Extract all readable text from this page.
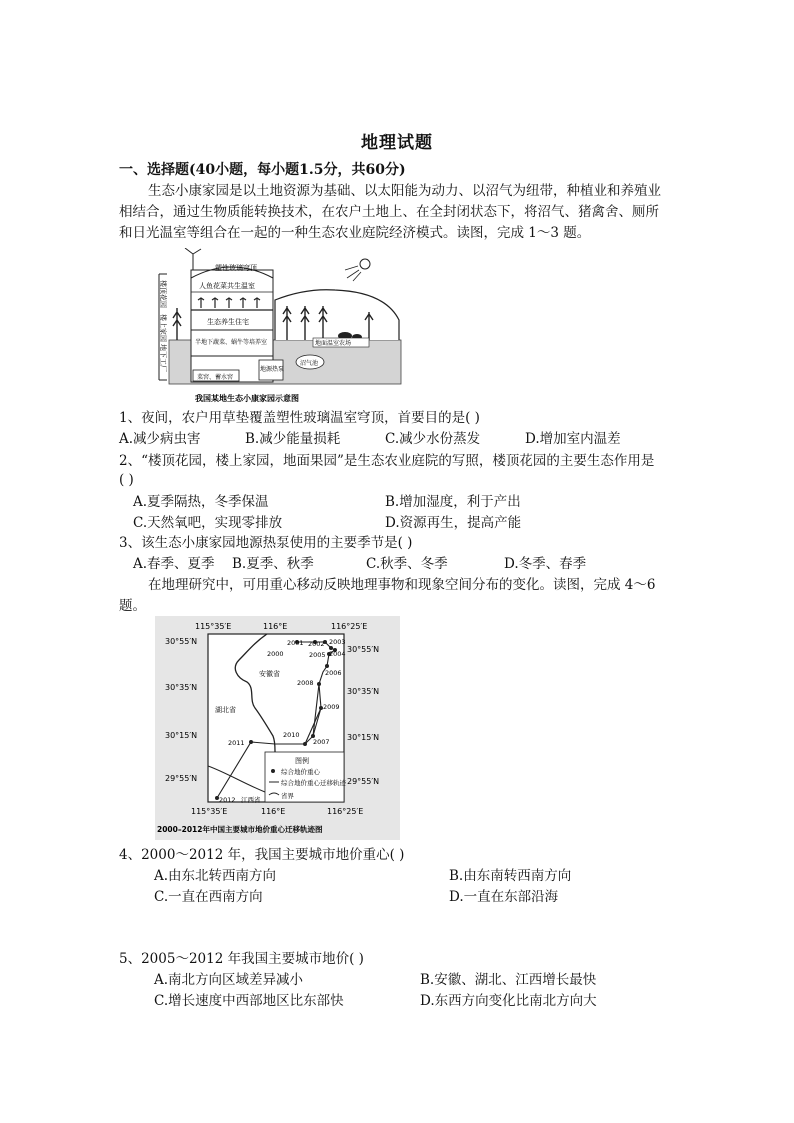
地理试题
一、选择题(40小题，每小题1.5分，共60分)
生态小康家园是以土地资源为基础、以太阳能为动力、以沼气为纽带，种植业和养殖业
相结合，通过生物质能转换技术，在农户土地上、在全封闭状态下，将沼气、猪禽舍、厕所
和日光温室等组合在一起的一种生态农业庭院经济模式。读图，完成 1～3 题。
楼顶花园
楼上家园
地下工厂
塑性玻璃穹顶
人鱼花菜共生温室
生态养生住宅
半地下蔬菜、蜗牛等培养室
菜窖、蓄水窖
地源热泵
沼气池
地面温室农场
我国某地生态小康家园示意图
1、夜间，农户用草垫覆盖塑性玻璃温室穹顶，首要目的是( )
A.减少病虫害	B.减少能量损耗	C.减少水份蒸发	D.增加室内温差
2、“楼顶花园，楼上家园，地面果园”是生态农业庭院的写照，楼顶花园的主要生态作用是
( )
A.夏季隔热，冬季保温	B.增加湿度，利于产出
C.天然氧吧，实现零排放	D.资源再生，提高产能
3、该生态小康家园地源热泵使用的主要季节是( )
A.春季、夏季 B.夏季、秋季	C.秋季、冬季	D.冬季、春季
在地理研究中，可用重心移动反映地理事物和现象空间分布的变化。读图，完成 4～6
题。
图例
综合地价重心
综合地价重心迁移轨迹
省界
2000
2001 2002 2003
2004
2005
2006
2007
2008
2009
2010
2011
2012
安徽省
湖北省
江西省
115°35′E	116°E	116°25′E
115°35′E	116°E	116°25′E
30°55′N
30°35′N
30°15′N
29°55′N
30°55′N
30°35′N
30°15′N
29°55′N
2000–2012年中国主要城市地价重心迁移轨迹图
4、2000～2012 年，我国主要城市地价重心( )
A.由东北转西南方向	B.由东南转西南方向
C.一直在西南方向	D.一直在东部沿海
5、2005～2012 年我国主要城市地价( )
A.南北方向区域差异减小	B.安徽、湖北、江西增长最快
C.增长速度中西部地区比东部快	D.东西方向变化比南北方向大
